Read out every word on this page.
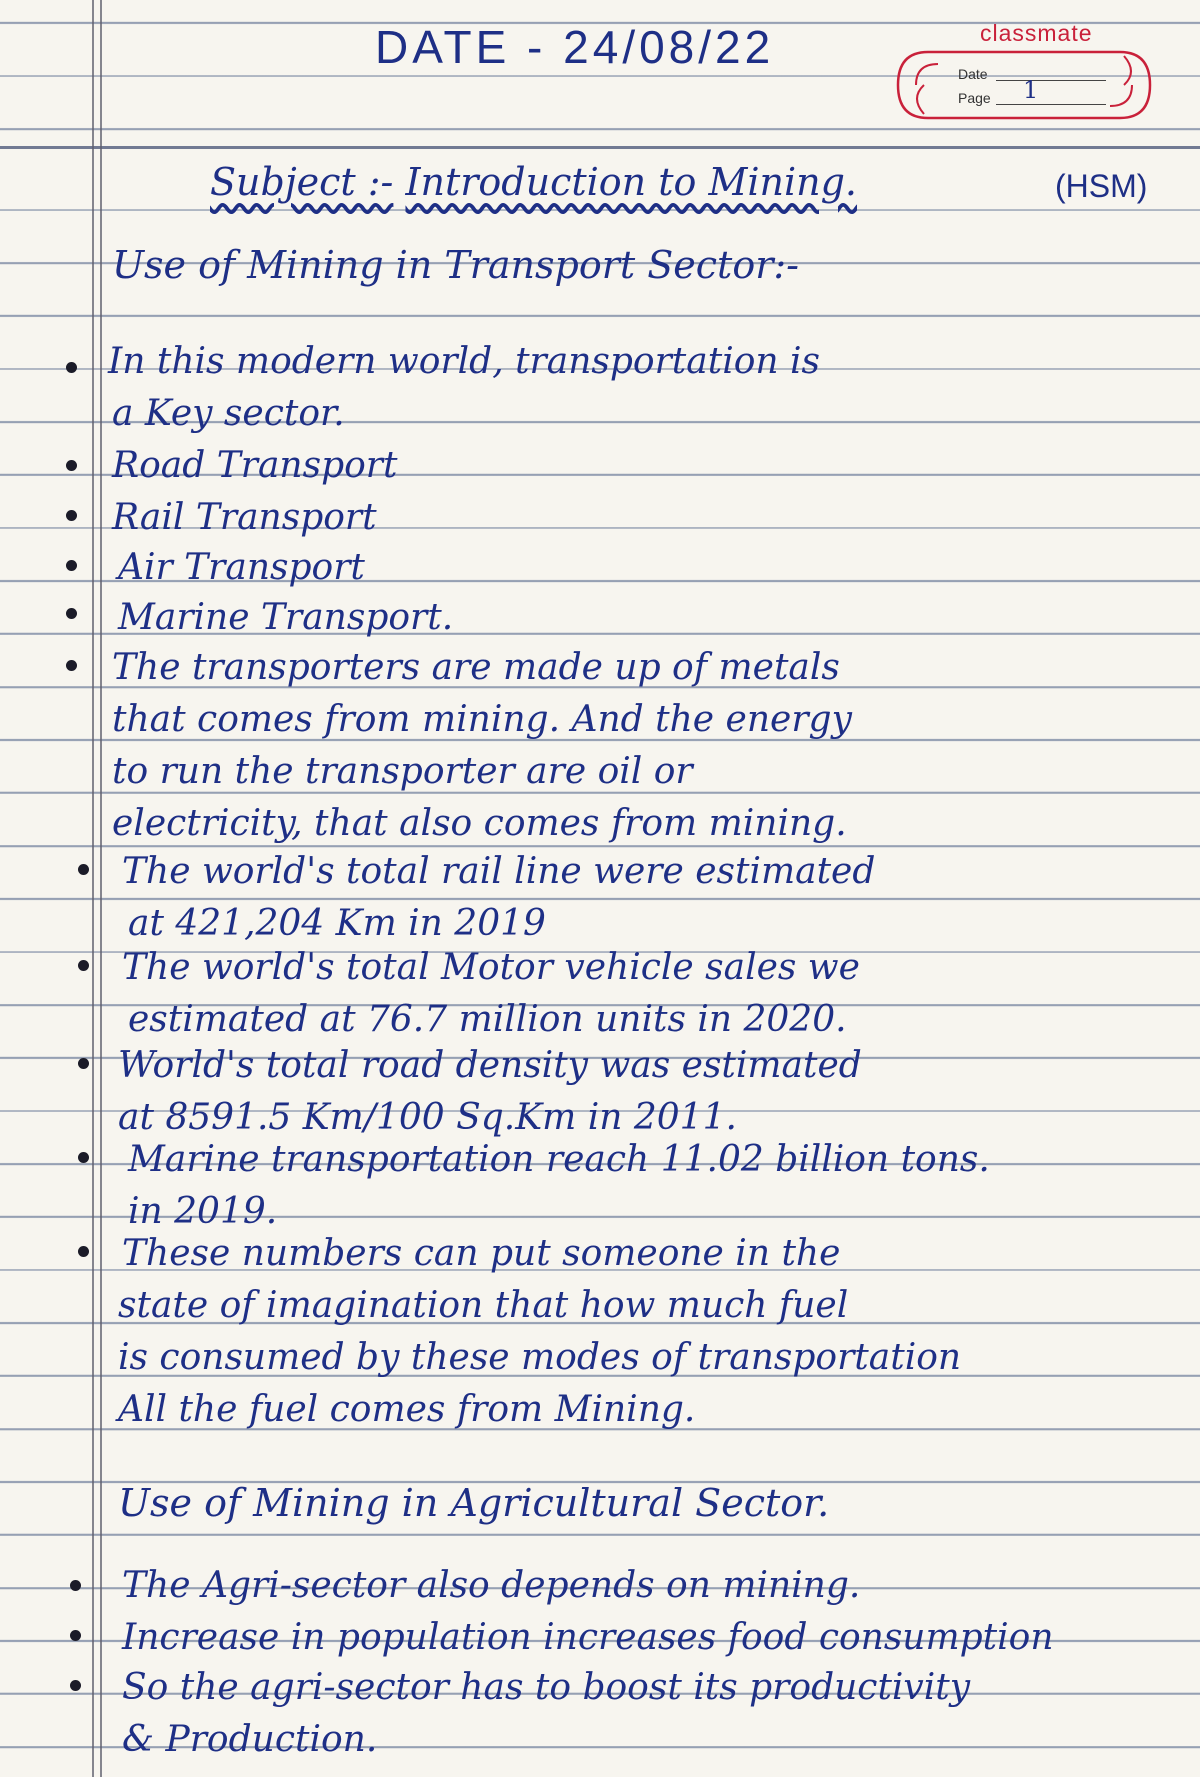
DATE - 24/08/22	classmate
Date
Page 1
Subject :- Introduction to Mining.	(HSM)
Use of Mining in Transport Sector:-
In this modern world, transportation is
a Key sector.
Road Transport
Rail Transport
Air Transport
Marine Transport.
The transporters are made up of metals
that comes from mining. And the energy
to run the transporter are oil or
electricity, that also comes from mining.
The world's total rail line were estimated
at 421,204 Km in 2019
The world's total Motor vehicle sales we
estimated at 76.7 million units in 2020.
World's total road density was estimated
at 8591.5 Km/100 Sq.Km in 2011.
Marine transportation reach 11.02 billion tons.
in 2019.
These numbers can put someone in the
state of imagination that how much fuel
is consumed by these modes of transportation
All the fuel comes from Mining.
Use of Mining in Agricultural Sector.
The Agri-sector also depends on mining.
Increase in population increases food consumption
So the agri-sector has to boost its productivity
& Production.
